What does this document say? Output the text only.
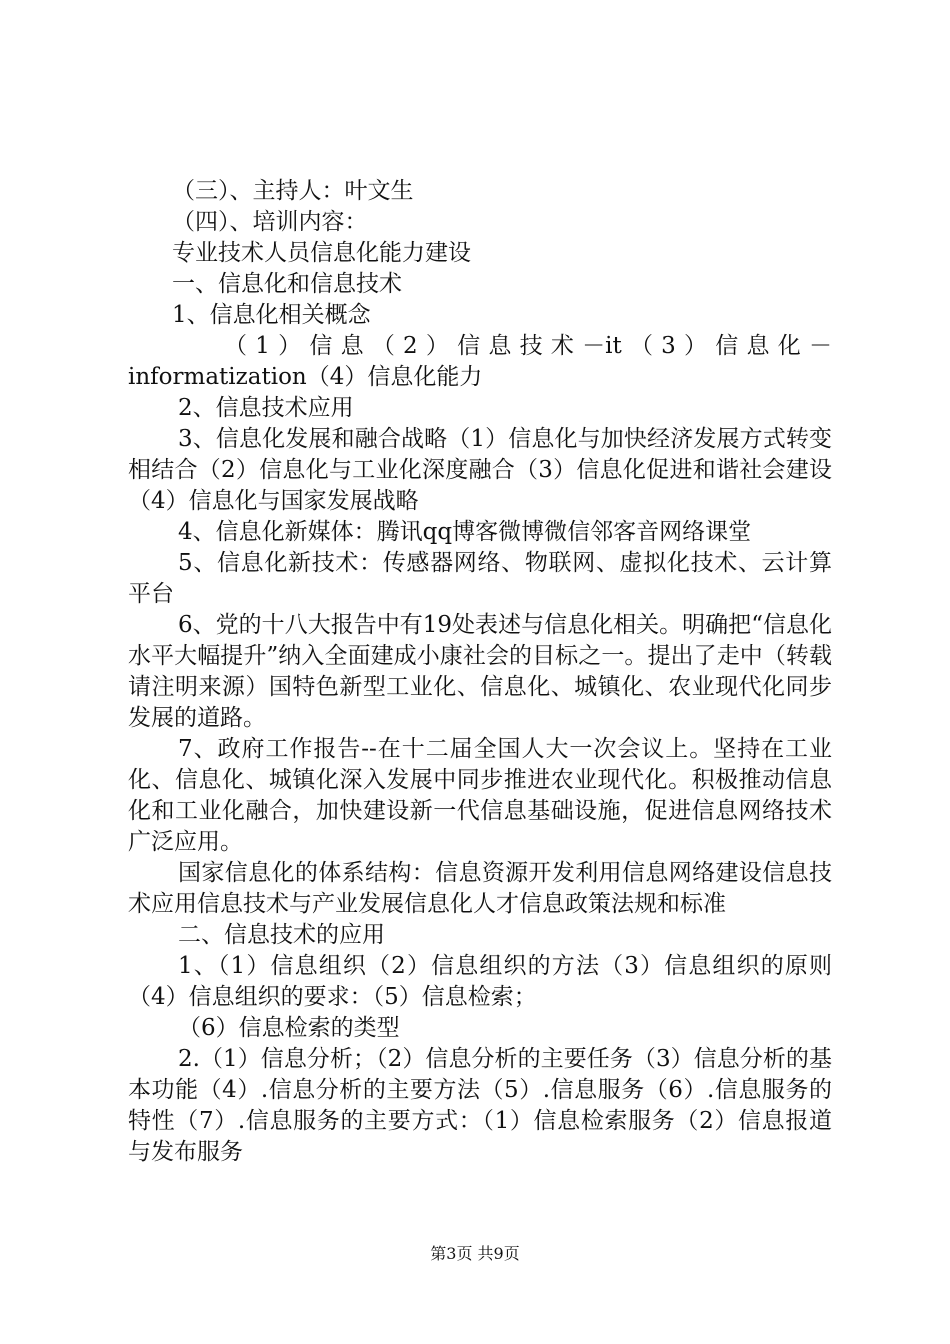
（三）、主持人：叶文生

（四）、培训内容：

专业技术人员信息化能力建设

一、信息化和信息技术

1、信息化相关概念

（1）信息（2）信息技术－it（3）信息化－informatization（4）信息化能力

2、信息技术应用

3、信息化发展和融合战略（1）信息化与加快经济发展方式转变相结合（2）信息化与工业化深度融合（3）信息化促进和谐社会建设（4）信息化与国家发展战略

4、信息化新媒体：腾讯qq博客微博微信邻客音网络课堂

5、信息化新技术：传感器网络、物联网、虚拟化技术、云计算平台

6、党的十八大报告中有19处表述与信息化相关。明确把“信息化水平大幅提升”纳入全面建成小康社会的目标之一。提出了走中（转载请注明来源）国特色新型工业化、信息化、城镇化、农业现代化同步发展的道路。

7、政府工作报告--在十二届全国人大一次会议上。坚持在工业化、信息化、城镇化深入发展中同步推进农业现代化。积极推动信息化和工业化融合，加快建设新一代信息基础设施，促进信息网络技术广泛应用。

国家信息化的体系结构：信息资源开发利用信息网络建设信息技术应用信息技术与产业发展信息化人才信息政策法规和标准

二、信息技术的应用

1、（1）信息组织（2）信息组织的方法（3）信息组织的原则（4）信息组织的要求：（5）信息检索；

（6）信息检索的类型

2.（1）信息分析；（2）信息分析的主要任务（3）信息分析的基本功能（4）.信息分析的主要方法（5）.信息服务（6）.信息服务的特性（7）.信息服务的主要方式：（1）信息检索服务（2）信息报道与发布服务

第3页 共9页
